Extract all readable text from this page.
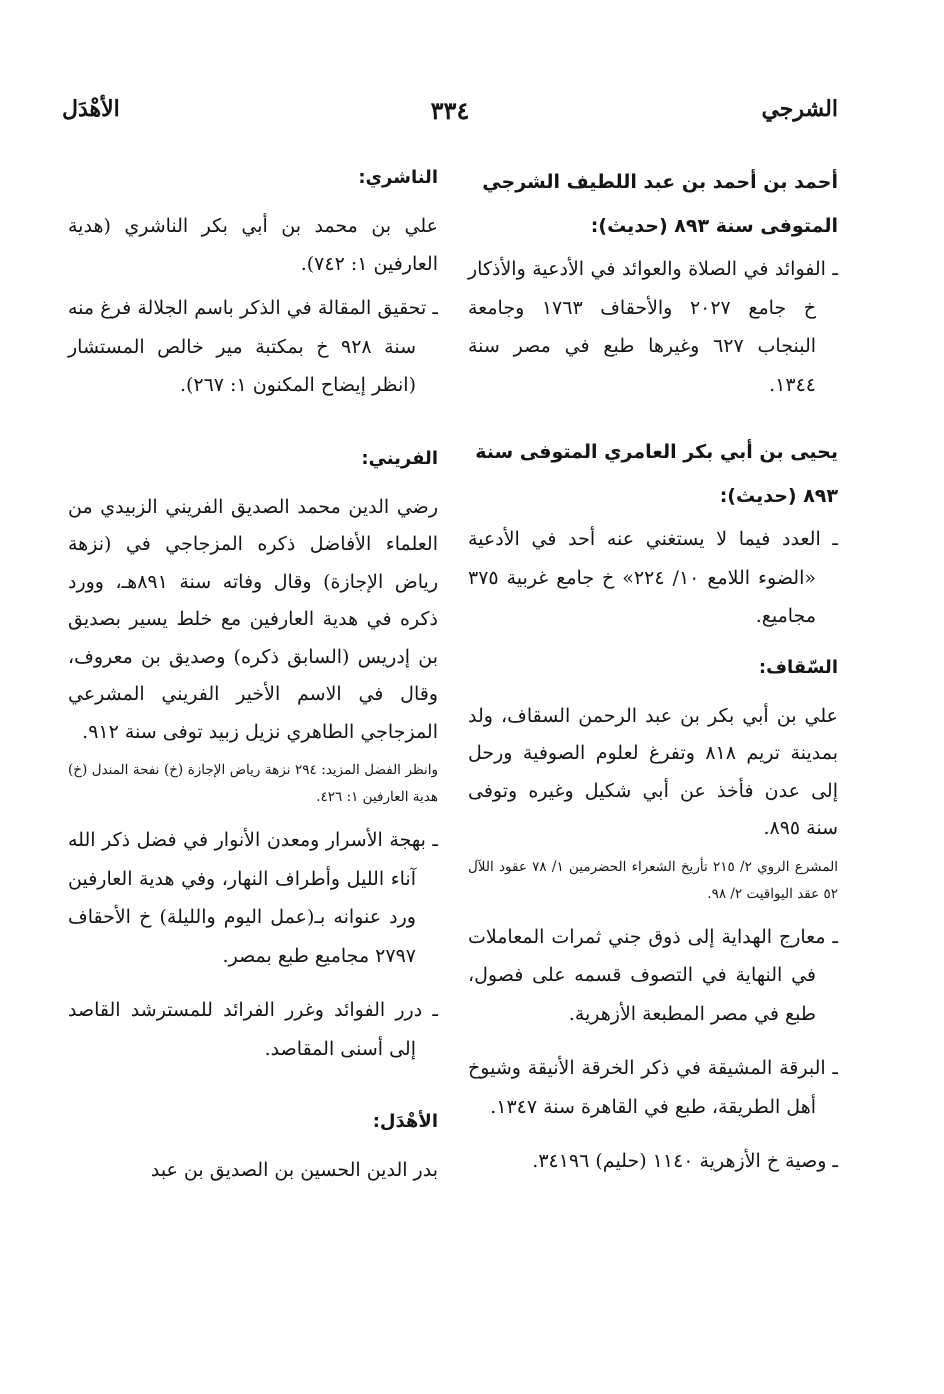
الشرجي
٣٣٤
الأهْدَل
أحمد بن أحمد بن عبد اللطيف الشرجي
المتوفى سنة ٨٩٣ (حديث):

ـ الفوائد في الصلاة والعوائد في الأدعية والأذكار خ جامع ٢٠٢٧ والأحقاف ١٧٦٣ وجامعة البنجاب ٦٢٧ وغيرها طبع في مصر سنة ١٣٤٤.

يحيى بن أبي بكر العامري المتوفى سنة
٨٩٣ (حديث):

ـ العدد فيما لا يستغني عنه أحد في الأدعية «الضوء اللامع ١٠/ ٢٢٤» خ جامع غربية ٣٧٥ مجاميع.

السّقاف:

علي بن أبي بكر بن عبد الرحمن السقاف، ولد بمدينة تريم ٨١٨ وتفرغ لعلوم الصوفية ورحل إلى عدن فأخذ عن أبي شكيل وغيره وتوفى سنة ٨٩٥.

المشرع الروي ٢/ ٢١٥ تأريخ الشعراء الحضرمين ١/ ٧٨ عقود اللآل ٥٢ عقد اليواقيت ٢/ ٩٨.

ـ معارج الهداية إلى ذوق جني ثمرات المعاملات في النهاية في التصوف قسمه على فصول، طبع في مصر المطبعة الأزهرية.

ـ البرقة المشيقة في ذكر الخرقة الأنيقة وشيوخ أهل الطريقة، طبع في القاهرة سنة ١٣٤٧.

ـ وصية خ الأزهرية ١١٤٠ (حليم) ٣٤١٩٦.

الناشري:

علي بن محمد بن أبي بكر الناشري (هدية العارفين ١: ٧٤٢).

ـ تحقيق المقالة في الذكر باسم الجلالة فرغ منه سنة ٩٢٨ خ بمكتبة مير خالص المستشار (انظر إيضاح المكنون ١: ٢٦٧).

الفريني:

رضي الدين محمد الصديق الفريني الزبيدي من العلماء الأفاضل ذكره المزجاجي في (نزهة رياض الإجازة) وقال وفاته سنة ٨٩١هـ، وورد ذكره في هدية العارفين مع خلط يسير بصديق بن إدريس (السابق ذكره) وصديق بن معروف، وقال في الاسم الأخير الفريني المشرعي المزجاجي الطاهري نزيل زبيد توفى سنة ٩١٢.

وانظر الفضل المزيد: ٢٩٤ نزهة رياض الإجازة (خ) نفحة المندل (خ) هدية العارفين ١: ٤٢٦.

ـ بهجة الأسرار ومعدن الأنوار في فضل ذكر الله آناء الليل وأطراف النهار، وفي هدية العارفين ورد عنوانه بـ(عمل اليوم والليلة) خ الأحقاف ٢٧٩٧ مجاميع طبع بمصر.

ـ درر الفوائد وغرر الفرائد للمسترشد القاصد إلى أسنى المقاصد.

الأهْدَل:

بدر الدين الحسين بن الصديق بن عبد
